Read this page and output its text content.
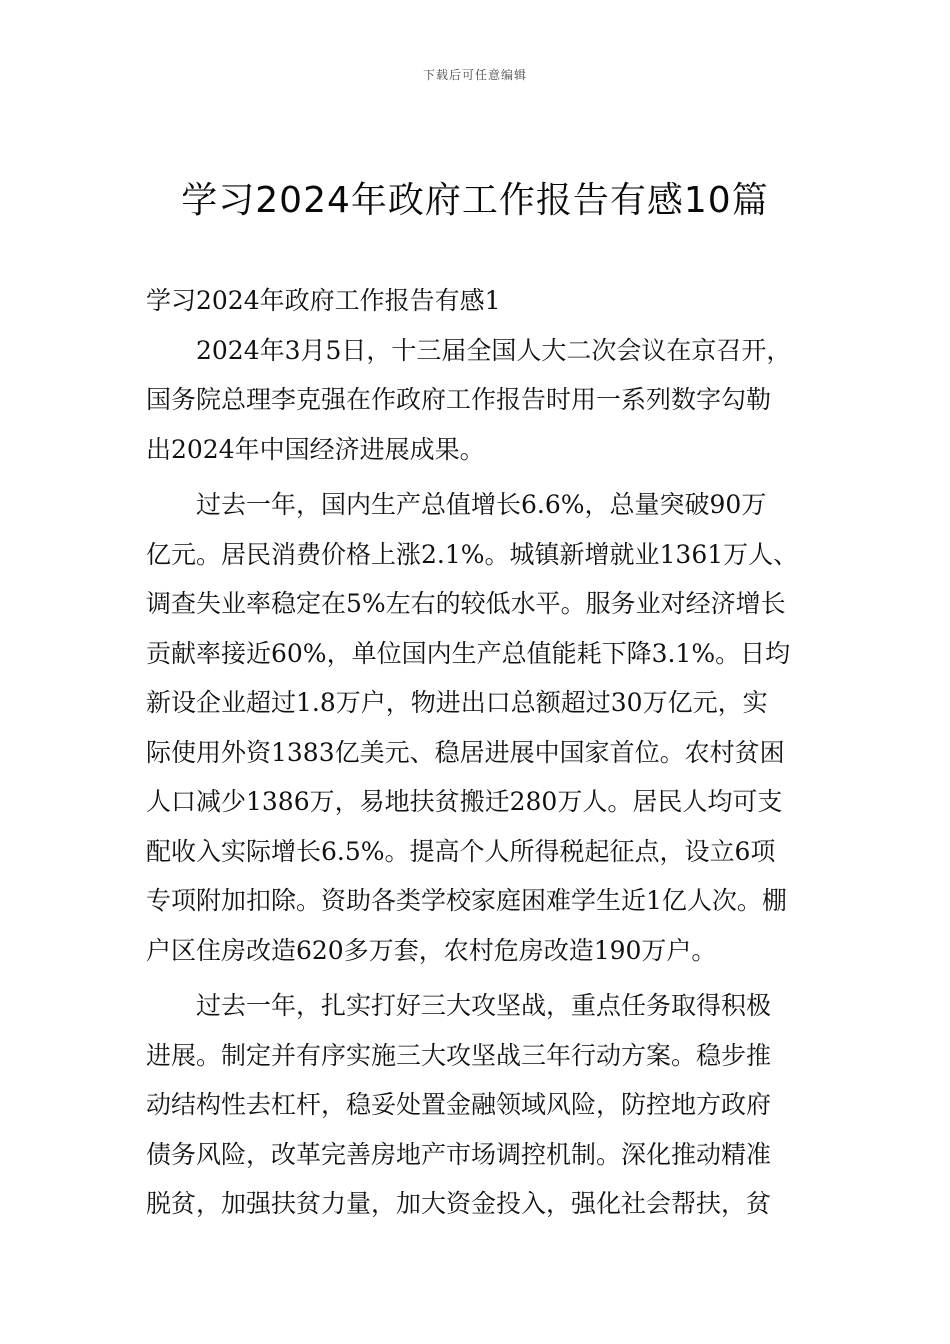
下载后可任意编辑
学习2024年政府工作报告有感10篇
学习2024年政府工作报告有感1
2024年3月5日，十三届全国人大二次会议在京召开，
国务院总理李克强在作政府工作报告时用一系列数字勾勒
出2024年中国经济进展成果。
过去一年，国内生产总值增长6.6%，总量突破90万
亿元。居民消费价格上涨2.1%。城镇新增就业1361万人、
调查失业率稳定在5%左右的较低水平。服务业对经济增长
贡献率接近60%，单位国内生产总值能耗下降3.1%。日均
新设企业超过1.8万户，物进出口总额超过30万亿元，实
际使用外资1383亿美元、稳居进展中国家首位。农村贫困
人口减少1386万，易地扶贫搬迁280万人。居民人均可支
配收入实际增长6.5%。提高个人所得税起征点，设立6项
专项附加扣除。资助各类学校家庭困难学生近1亿人次。棚
户区住房改造620多万套，农村危房改造190万户。
过去一年，扎实打好三大攻坚战，重点任务取得积极
进展。制定并有序实施三大攻坚战三年行动方案。稳步推
动结构性去杠杆，稳妥处置金融领域风险，防控地方政府
债务风险，改革完善房地产市场调控机制。深化推动精准
脱贫，加强扶贫力量，加大资金投入，强化社会帮扶，贫
